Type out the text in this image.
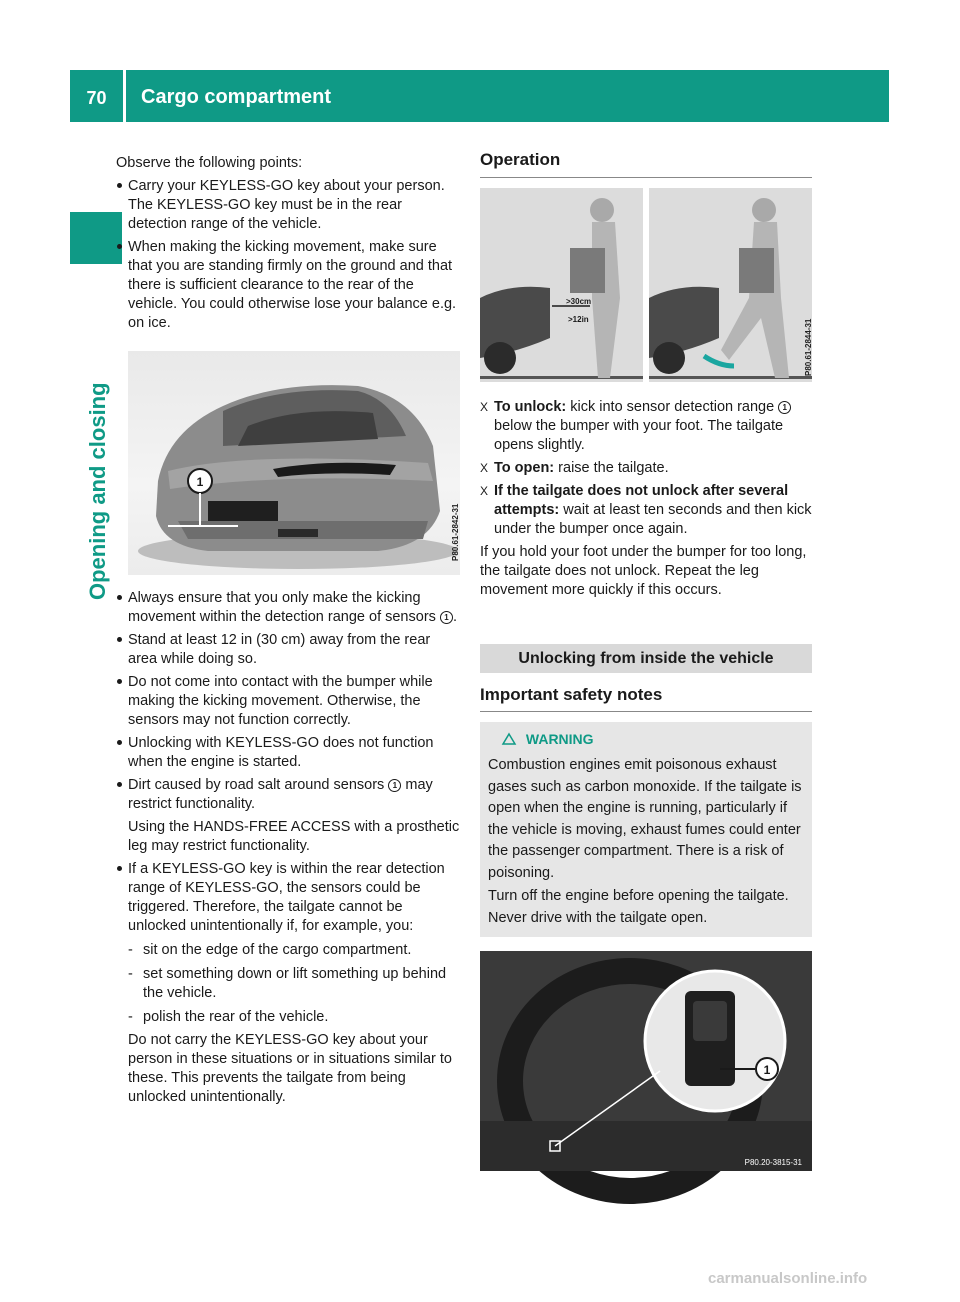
70	Cargo compartment
Opening and closing

Observe the following points:

Carry your KEYLESS-GO key about your person. The KEYLESS-GO key must be in the rear detection range of the vehicle.

When making the kicking movement, make sure that you are standing firmly on the ground and that there is sufficient clearance to the rear of the vehicle. You could otherwise lose your balance e.g. on ice.

1
P80.61-2842-31

Always ensure that you only make the kicking movement within the detection range of sensors 1 .

Stand at least 12 in (30 cm) away from the rear area while doing so.

Do not come into contact with the bumper while making the kicking movement. Otherwise, the sensors may not function correctly.

Unlocking with KEYLESS-GO does not function when the engine is started.

Dirt caused by road salt around sensors 1 may restrict functionality.

Using the HANDS-FREE ACCESS with a prosthetic leg may restrict functionality.

If a KEYLESS-GO key is within the rear detection range of KEYLESS-GO, the sensors could be triggered. Therefore, the tailgate cannot be unlocked unintentionally if, for example, you:

- sit on the edge of the cargo compartment.

- set something down or lift something up behind the vehicle.

- polish the rear of the vehicle.

Do not carry the KEYLESS-GO key about your person in these situations or in situations similar to these. This prevents the tailgate from being unlocked unintentionally.

Operation
>30cm
>12in	P80.61-2844-31

X To unlock: kick into sensor detection range 1 below the bumper with your foot. The tailgate opens slightly.

X To open: raise the tailgate.

X If the tailgate does not unlock after several attempts: wait at least ten seconds and then kick under the bumper once again.

If you hold your foot under the bumper for too long, the tailgate does not unlock. Repeat the leg movement more quickly if this occurs.

Unlocking from inside the vehicle
Important safety notes
WARNING

Combustion engines emit poisonous exhaust gases such as carbon monoxide. If the tailgate is open when the engine is running, particularly if the vehicle is moving, exhaust fumes could enter the passenger compartment. There is a risk of poisoning.

Turn off the engine before opening the tailgate. Never drive with the tailgate open.

1
P80.20-3815-31
carmanualsonline.info
